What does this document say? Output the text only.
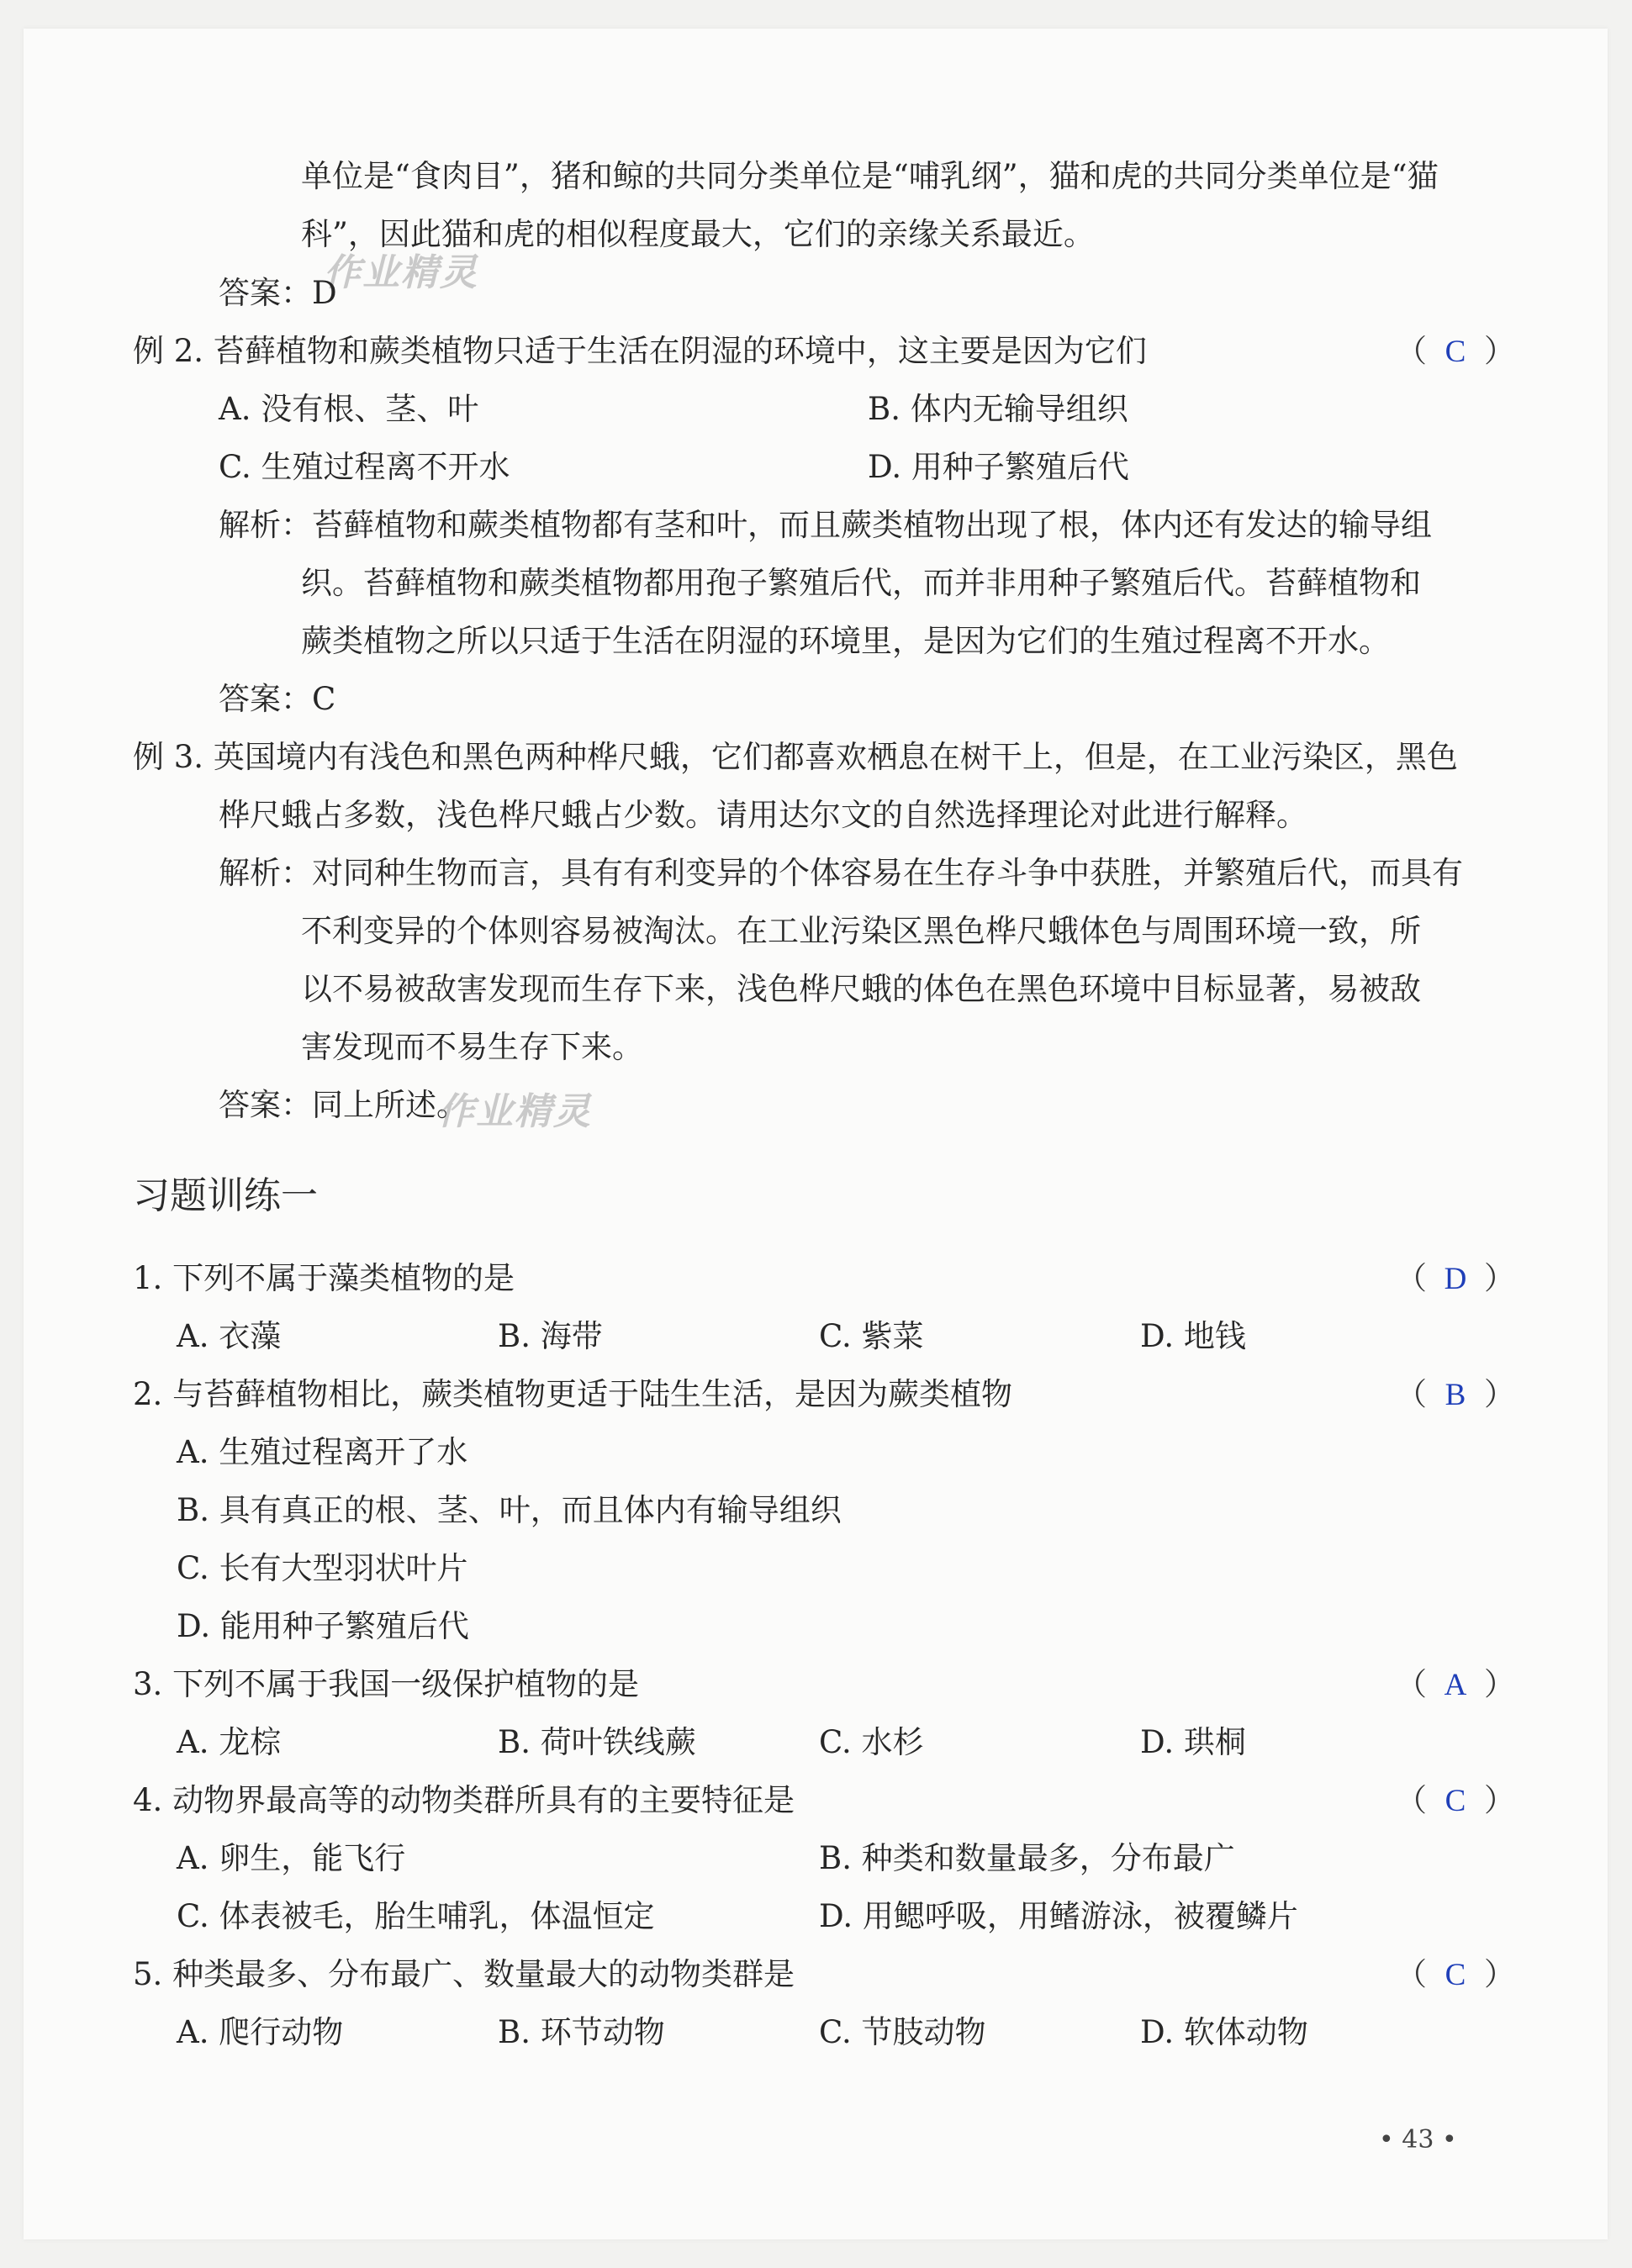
单位是“食肉目”，猪和鲸的共同分类单位是“哺乳纲”，猫和虎的共同分类单位是“猫
科”，因此猫和虎的相似程度最大，它们的亲缘关系最近。
作业精灵
答案：D
例 2. 苔藓植物和蕨类植物只适于生活在阴湿的环境中，这主要是因为它们	（ C ）
A. 没有根、茎、叶	B. 体内无输导组织
C. 生殖过程离不开水	D. 用种子繁殖后代
解析：苔藓植物和蕨类植物都有茎和叶，而且蕨类植物出现了根，体内还有发达的输导组
织。苔藓植物和蕨类植物都用孢子繁殖后代，而并非用种子繁殖后代。苔藓植物和
蕨类植物之所以只适于生活在阴湿的环境里，是因为它们的生殖过程离不开水。
答案：C
例 3. 英国境内有浅色和黑色两种桦尺蛾，它们都喜欢栖息在树干上，但是，在工业污染区，黑色
桦尺蛾占多数，浅色桦尺蛾占少数。请用达尔文的自然选择理论对此进行解释。
解析：对同种生物而言，具有有利变异的个体容易在生存斗争中获胜，并繁殖后代，而具有
不利变异的个体则容易被淘汰。在工业污染区黑色桦尺蛾体色与周围环境一致，所
以不易被敌害发现而生存下来，浅色桦尺蛾的体色在黑色环境中目标显著，易被敌
害发现而不易生存下来。
答案：同上所述。
作业精灵
习题训练一
1. 下列不属于藻类植物的是	（ D ）
A. 衣藻	B. 海带	C. 紫菜	D. 地钱
2. 与苔藓植物相比，蕨类植物更适于陆生生活，是因为蕨类植物	（ B ）
A. 生殖过程离开了水
B. 具有真正的根、茎、叶，而且体内有输导组织
C. 长有大型羽状叶片
D. 能用种子繁殖后代
3. 下列不属于我国一级保护植物的是	（ A ）
A. 龙棕	B. 荷叶铁线蕨	C. 水杉	D. 珙桐
4. 动物界最高等的动物类群所具有的主要特征是	（ C ）
A. 卵生，能飞行	B. 种类和数量最多，分布最广
C. 体表被毛，胎生哺乳，体温恒定	D. 用鳃呼吸，用鳍游泳，被覆鳞片
5. 种类最多、分布最广、数量最大的动物类群是	（ C ）
A. 爬行动物	B. 环节动物	C. 节肢动物	D. 软体动物
• 43 •
